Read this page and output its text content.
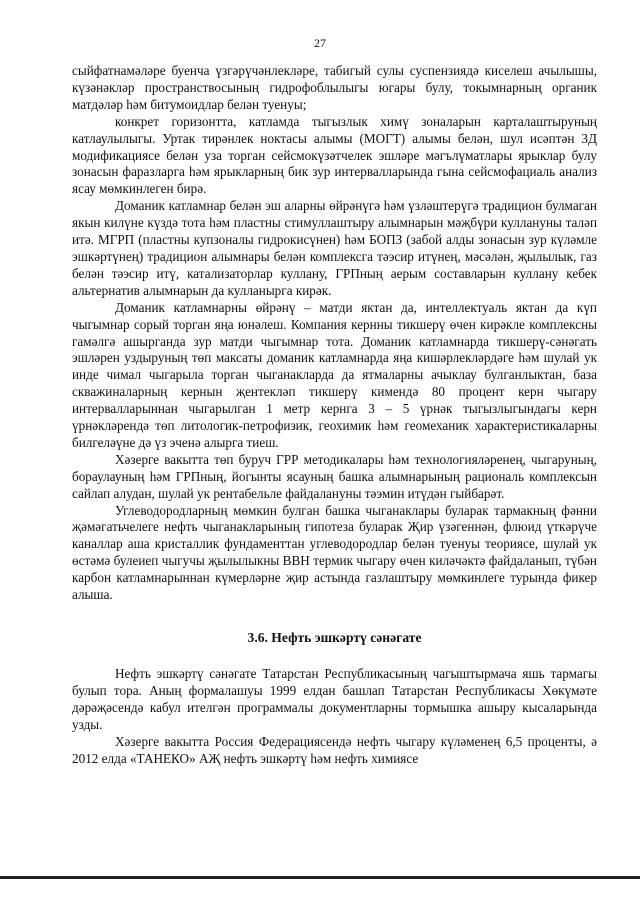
27

сыйфатнамәләре буенча үзгәрүчәнлекләре, табигый сулы суспензиядә киселеш ачылышы, күзәнәкләр пространствосының гидрофоблылыгы югары булу, токымнарның органик матдәләр һәм битумоидлар белән туенуы;

конкрет горизонтта, катламда тыгызлык химү зоналарын карталаштыруның катлаулылыгы. Уртак тирәнлек ноктасы алымы (МОГТ) алымы белән, шул исәптән 3Д модификациясе белән уза торган сейсмокүзәтчелек эшләре мәгълүматлары ярыклар булу зонасын фаразларга һәм ярыкларның бик зур интервалларында гына сейсмофациаль анализ ясау мөмкинлеген бирә.

Доманик катламнар белән эш аларны өйрәнүгә һәм үзләштерүгә традицион булмаган якын килүне күздә тота һәм пластны стимуллаштыру алымнарын мәҗбүри куллануны таләп итә. МГРП (пластны купзоналы гидрокисүнен) һәм БОПЗ (забой алды зонасын зур күләмле эшкәртүнең) традицион алымнары белән комплексга тәэсир итүнең, мәсәлән, җылылык, газ белән тәэсир итү, катализаторлар куллану, ГРПның аерым составларын куллану кебек альтернатив алымнарын да кулланырга кирәк.

Доманик катламнарны өйрәнү – матди яктан да, интеллектуаль яктан да күп чыгымнар сорый торган яңа юнәлеш. Компания кернны тикшерү өчен кирәкле комплексны гамәлгә ашырганда зур матди чыгымнар тота. Доманик катламнарда тикшерү-сәнәгать эшләрен уздыруның төп максаты доманик катламнарда яңа кишәрлекләрдәге һәм шулай ук инде чимал чыгарыла торган чыганакларда да ятмаларны ачыклау булганлыктан, база скважиналарның кернын җентекләп тикшерү кимендә 80 процент керн чыгару интервалларыннан чыгарылган 1 метр кернга 3 – 5 үрнәк тыгызлыгындагы керн үрнәкләрендә төп литологик-петрофизик, геохимик һәм геомеханик характеристикаларны билгеләүне дә үз эченә алырга тиеш.

Хәзерге вакытта төп буруч ГРР методикалары һәм технологияләренең, чыгаруның, бораулауның һәм ГРПның, йогынты ясауның башка алымнарының рациональ комплексын сайлап алудан, шулай ук рентабельле файдалануны тәэмин итүдән гыйбарәт.

Углеводородларның мөмкин булган башка чыганаклары буларак тармакның фәнни җәмәгатьчелеге нефть чыганакларының гипотеза буларак Җир үзәгеннән, флюид үткәрүче каналлар аша кристаллик фундаменттан углеводородлар белән туенуы теориясе, шулай ук өстәмә булеиеп чыгучы җылылыкны ВВН термик чыгару өчен киләчәктә файдаланып, түбән карбон катламнарыннан күмерләрне җир астында газлаштыру мөмкинлеге турында фикер алыша.

3.6. Нефть эшкәртү сәнәгате

Нефть эшкәртү сәнәгате Татарстан Республикасының чагыштырмача яшь тармагы булып тора. Аның формалашуы 1999 елдан башлап Татарстан Республикасы Хөкүмәте дәрәҗәсендә кабул ителгән программалы документларны тормышка ашыру кысаларында узды.

Хәзерге вакытта Россия Федерациясендә нефть чыгару күләменең 6,5 проценты, ә 2012 елда «ТАНЕКО» АҖ нефть эшкәртү һәм нефть химиясе
